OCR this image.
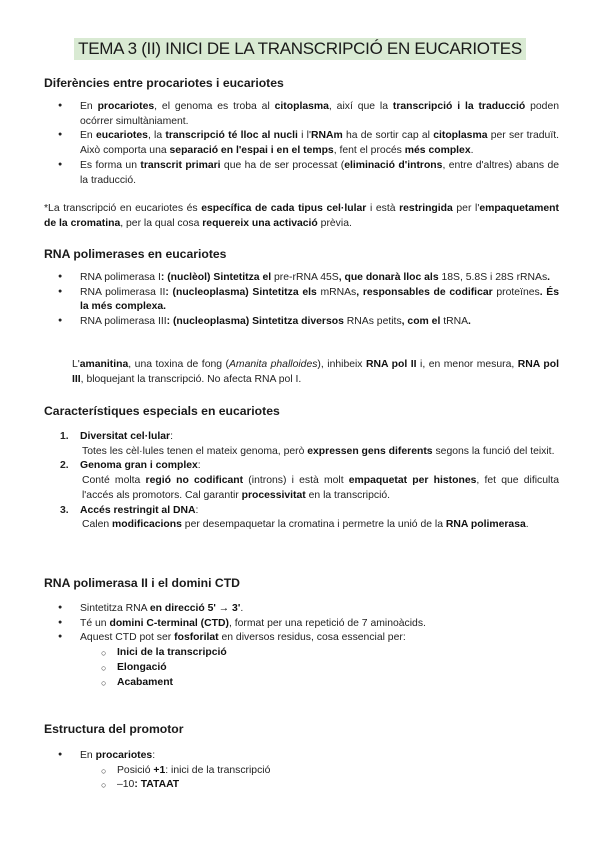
TEMA 3 (II) INICI DE LA TRANSCRIPCIÓ EN EUCARIOTES
Diferències entre procariotes i eucariotes
●
En procariotes, el genoma es troba al citoplasma, així que la transcripció i la traducció poden ocórrer simultàniament.
●
En eucariotes, la transcripció té lloc al nucli i l'RNAm ha de sortir cap al citoplasma per ser traduït. Això comporta una separació en l'espai i en el temps, fent el procés més complex.
●
Es forma un transcrit primari que ha de ser processat (eliminació d'introns, entre d'altres) abans de la traducció.

*La transcripció en eucariotes és específica de cada tipus cel·lular i està restringida per l'empaquetament de la cromatina, per la qual cosa requereix una activació prèvia.

RNA polimerases en eucariotes
●
RNA polimerasa I: (nuclèol) Sintetitza el pre-rRNA 45S, que donarà lloc als 18S, 5.8S i 28S rRNAs.
●
RNA polimerasa II: (nucleoplasma) Sintetitza els mRNAs, responsables de codificar proteïnes. És la més complexa.
●
RNA polimerasa III: (nucleoplasma) Sintetitza diversos RNAs petits, com el tRNA.

L'amanitina, una toxina de fong (Amanita phalloides), inhibeix RNA pol II i, en menor mesura, RNA pol III, bloquejant la transcripció. No afecta RNA pol I.

Característiques especials en eucariotes
1.	Diversitat cel·lular:
Totes les cèl·lules tenen el mateix genoma, però expressen gens diferents segons la funció del teixit.
2.	Genoma gran i complex:
Conté molta regió no codificant (introns) i està molt empaquetat per histones, fet que dificulta l'accés als promotors. Cal garantir processivitat en la transcripció.
3.	Accés restringit al DNA:
Calen modificacions per desempaquetar la cromatina i permetre la unió de la RNA polimerasa.
RNA polimerasa II i el domini CTD
●
Sintetitza RNA en direcció 5' → 3'.
●
Té un domini C-terminal (CTD), format per una repetició de 7 aminoàcids.
●
Aquest CTD pot ser fosforilat en diversos residus, cosa essencial per:
○
Inici de la transcripció
○
Elongació
○
Acabament
Estructura del promotor
●
En procariotes:
○
Posició +1: inici de la transcripció
○
–10: TATAAT
